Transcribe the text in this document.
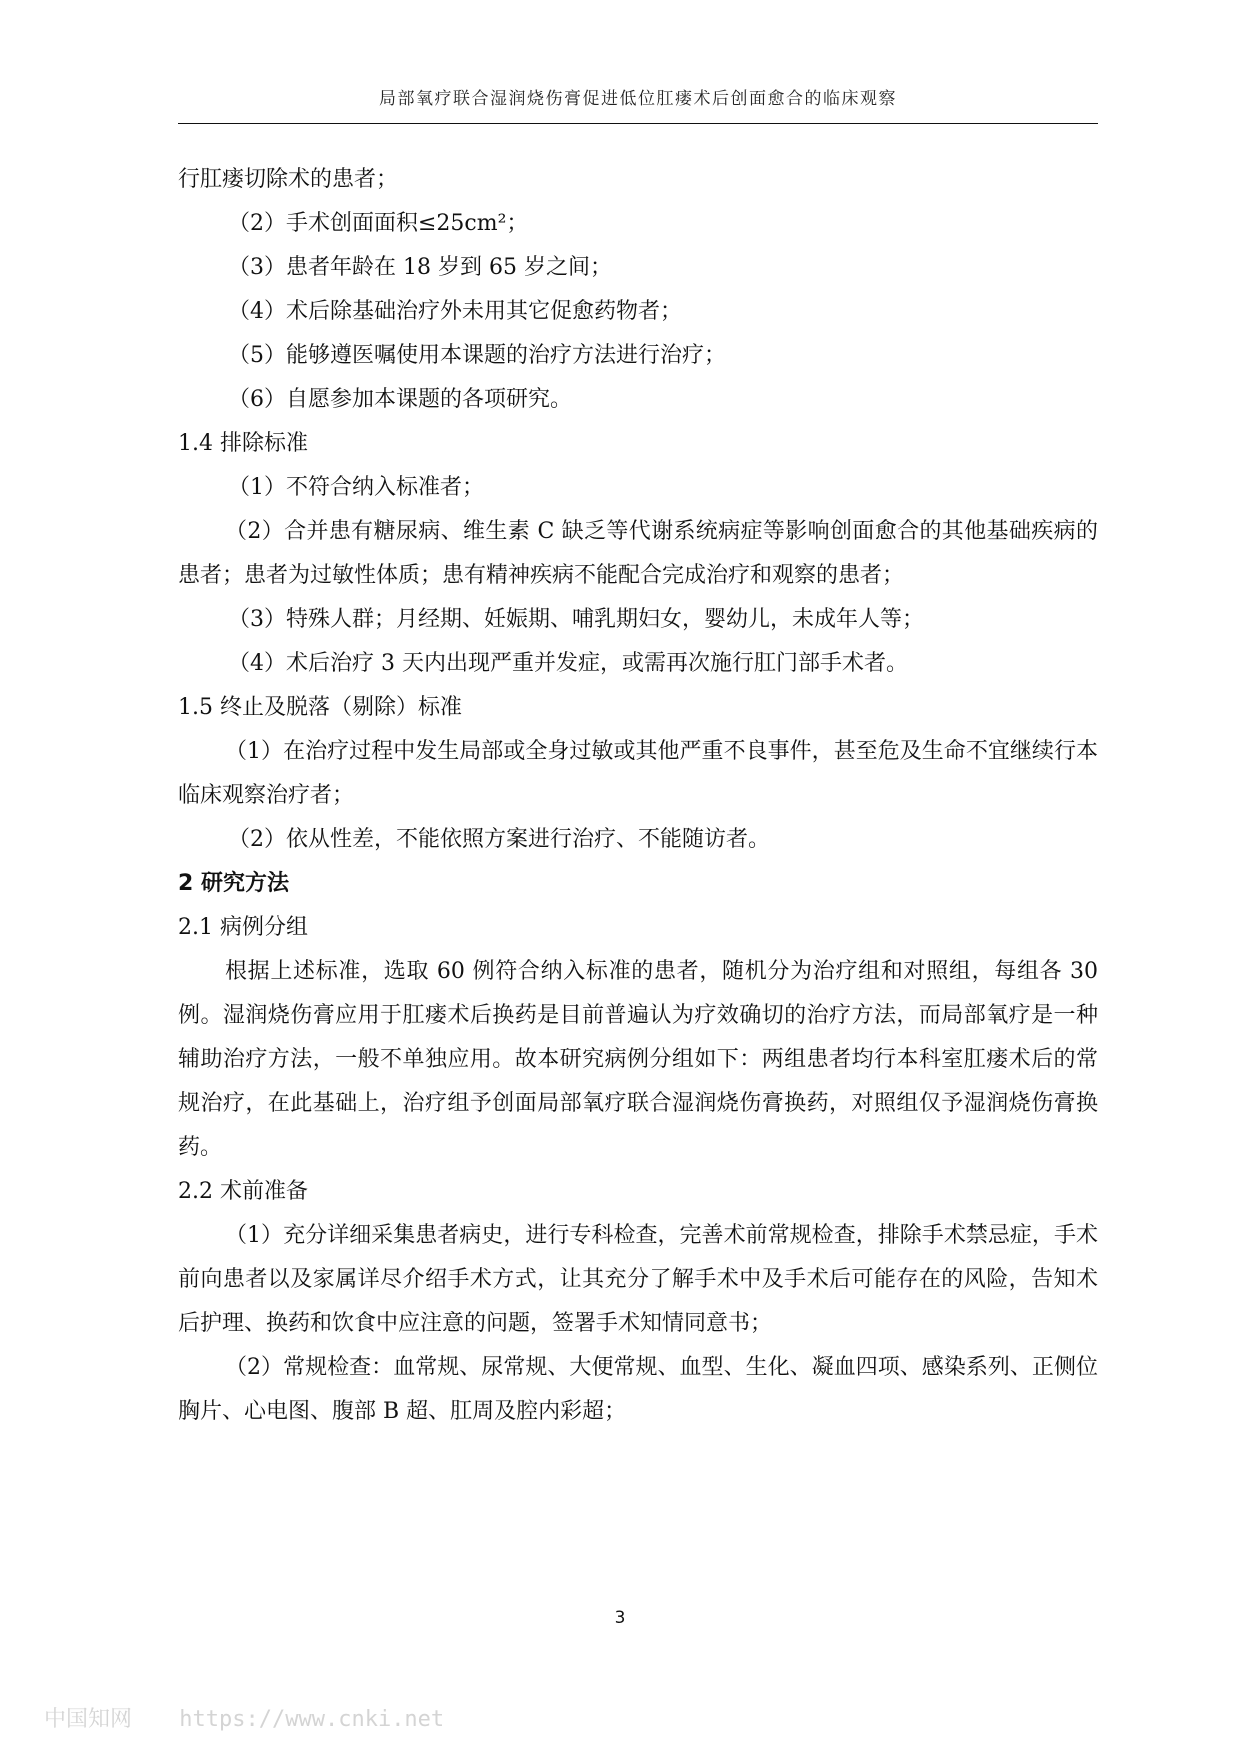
局部氧疗联合湿润烧伤膏促进低位肛瘘术后创面愈合的临床观察

行肛瘘切除术的患者；

（2）手术创面面积≤25cm²；

（3）患者年龄在 18 岁到 65 岁之间；

（4）术后除基础治疗外未用其它促愈药物者；

（5）能够遵医嘱使用本课题的治疗方法进行治疗；

（6）自愿参加本课题的各项研究。

1.4 排除标准

（1）不符合纳入标准者；

（2）合并患有糖尿病、维生素 C 缺乏等代谢系统病症等影响创面愈合的其他基础疾病的患者；患者为过敏性体质；患有精神疾病不能配合完成治疗和观察的患者；

（3）特殊人群；月经期、妊娠期、哺乳期妇女，婴幼儿，未成年人等；

（4）术后治疗 3 天内出现严重并发症，或需再次施行肛门部手术者。

1.5 终止及脱落（剔除）标准

（1）在治疗过程中发生局部或全身过敏或其他严重不良事件，甚至危及生命不宜继续行本临床观察治疗者；

（2）依从性差，不能依照方案进行治疗、不能随访者。

2 研究方法

2.1 病例分组

根据上述标准，选取 60 例符合纳入标准的患者，随机分为治疗组和对照组，每组各 30 例。湿润烧伤膏应用于肛瘘术后换药是目前普遍认为疗效确切的治疗方法，而局部氧疗是一种辅助治疗方法，一般不单独应用。故本研究病例分组如下：两组患者均行本科室肛瘘术后的常规治疗，在此基础上，治疗组予创面局部氧疗联合湿润烧伤膏换药，对照组仅予湿润烧伤膏换药。

2.2 术前准备

（1）充分详细采集患者病史，进行专科检查，完善术前常规检查，排除手术禁忌症，手术前向患者以及家属详尽介绍手术方式，让其充分了解手术中及手术后可能存在的风险，告知术后护理、换药和饮食中应注意的问题，签署手术知情同意书；

（2）常规检查：血常规、尿常规、大便常规、血型、生化、凝血四项、感染系列、正侧位胸片、心电图、腹部 B 超、肛周及腔内彩超；

3
中国知网 https://www.cnki.net
